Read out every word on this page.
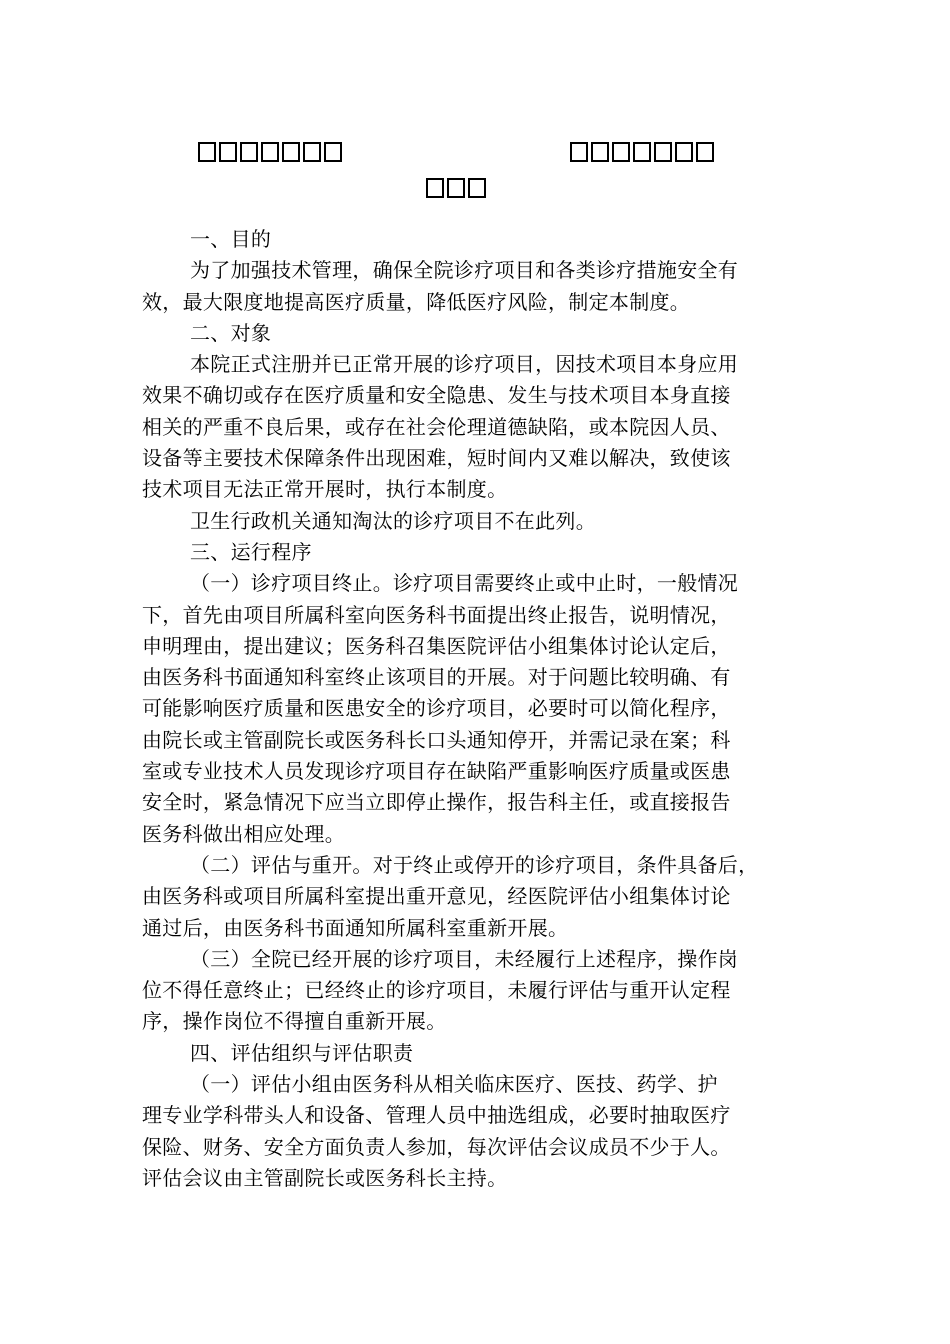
一、目的

为了加强技术管理，确保全院诊疗项目和各类诊疗措施安全有

效，最大限度地提高医疗质量，降低医疗风险，制定本制度。

二、对象

本院正式注册并已正常开展的诊疗项目，因技术项目本身应用

效果不确切或存在医疗质量和安全隐患、发生与技术项目本身直接

相关的严重不良后果，或存在社会伦理道德缺陷，或本院因人员、

设备等主要技术保障条件出现困难，短时间内又难以解决，致使该

技术项目无法正常开展时，执行本制度。

卫生行政机关通知淘汰的诊疗项目不在此列。

三、运行程序

（一）诊疗项目终止。诊疗项目需要终止或中止时，一般情况

下，首先由项目所属科室向医务科书面提出终止报告，说明情况，

申明理由，提出建议；医务科召集医院评估小组集体讨论认定后，

由医务科书面通知科室终止该项目的开展。对于问题比较明确、有

可能影响医疗质量和医患安全的诊疗项目，必要时可以简化程序，

由院长或主管副院长或医务科长口头通知停开，并需记录在案；科

室或专业技术人员发现诊疗项目存在缺陷严重影响医疗质量或医患

安全时，紧急情况下应当立即停止操作，报告科主任，或直接报告

医务科做出相应处理。

（二）评估与重开。对于终止或停开的诊疗项目，条件具备后，

由医务科或项目所属科室提出重开意见，经医院评估小组集体讨论

通过后，由医务科书面通知所属科室重新开展。

（三）全院已经开展的诊疗项目，未经履行上述程序，操作岗

位不得任意终止；已经终止的诊疗项目，未履行评估与重开认定程

序，操作岗位不得擅自重新开展。

四、评估组织与评估职责

（一）评估小组由医务科从相关临床医疗、医技、药学、护

理专业学科带头人和设备、管理人员中抽选组成，必要时抽取医疗

保险、财务、安全方面负责人参加，每次评估会议成员不少于人。

评估会议由主管副院长或医务科长主持。
